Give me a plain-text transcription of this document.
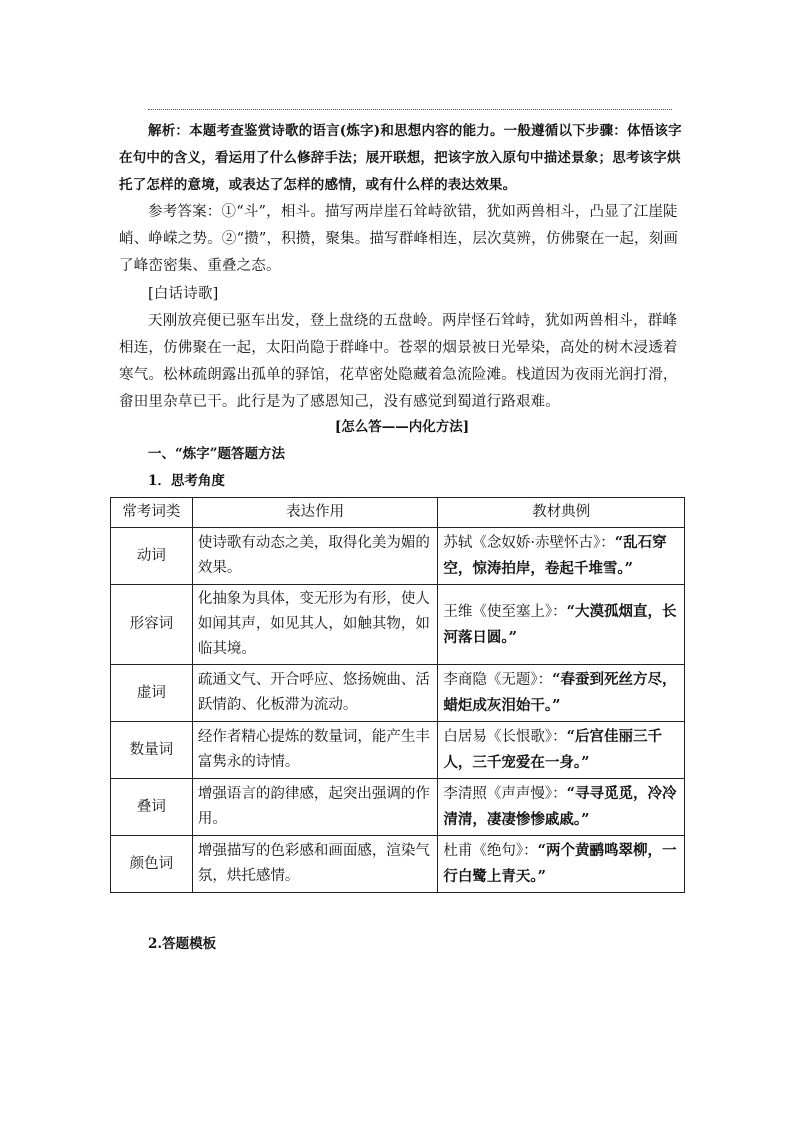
解析：本题考查鉴赏诗歌的语言(炼字)和思想内容的能力。一般遵循以下步骤：体悟该字在句中的含义，看运用了什么修辞手法；展开联想，把该字放入原句中描述景象；思考该字烘托了怎样的意境，或表达了怎样的感情，或有什么样的表达效果。

参考答案：①“斗”，相斗。描写两岸崖石耸峙欲错，犹如两兽相斗，凸显了江崖陡峭、峥嵘之势。②“攒”，积攒，聚集。描写群峰相连，层次莫辨，仿佛聚在一起，刻画了峰峦密集、重叠之态。

[白话诗歌]

天刚放亮便已驱车出发，登上盘绕的五盘岭。两岸怪石耸峙，犹如两兽相斗，群峰相连，仿佛聚在一起，太阳尚隐于群峰中。苍翠的烟景被日光晕染，高处的树木浸透着寒气。松林疏朗露出孤单的驿馆，花草密处隐藏着急流险滩。栈道因为夜雨光润打滑，畲田里杂草已干。此行是为了感恩知己，没有感觉到蜀道行路艰难。

[怎么答——内化方法]
一、“炼字”题答题方法
1．思考角度
常考词类	表达作用	教材典例
动词	使诗歌有动态之美，取得化美为媚的效果。	苏轼《念奴娇·赤壁怀古》：“乱石穿空，惊涛拍岸，卷起千堆雪。”
形容词	化抽象为具体，变无形为有形，使人如闻其声，如见其人，如触其物，如临其境。	王维《使至塞上》：“大漠孤烟直，长河落日圆。”
虚词	疏通文气、开合呼应、悠扬婉曲、活跃情韵、化板滞为流动。	李商隐《无题》：“春蚕到死丝方尽，蜡炬成灰泪始干。”
数量词	经作者精心提炼的数量词，能产生丰富隽永的诗情。	白居易《长恨歌》：“后宫佳丽三千人，三千宠爱在一身。”
叠词	增强语言的韵律感，起突出强调的作用。	李清照《声声慢》：“寻寻觅觅，冷冷清清，凄凄惨惨戚戚。”
颜色词	增强描写的色彩感和画面感，渲染气氛，烘托感情。	杜甫《绝句》：“两个黄鹂鸣翠柳，一行白鹭上青天。”
2.答题模板
